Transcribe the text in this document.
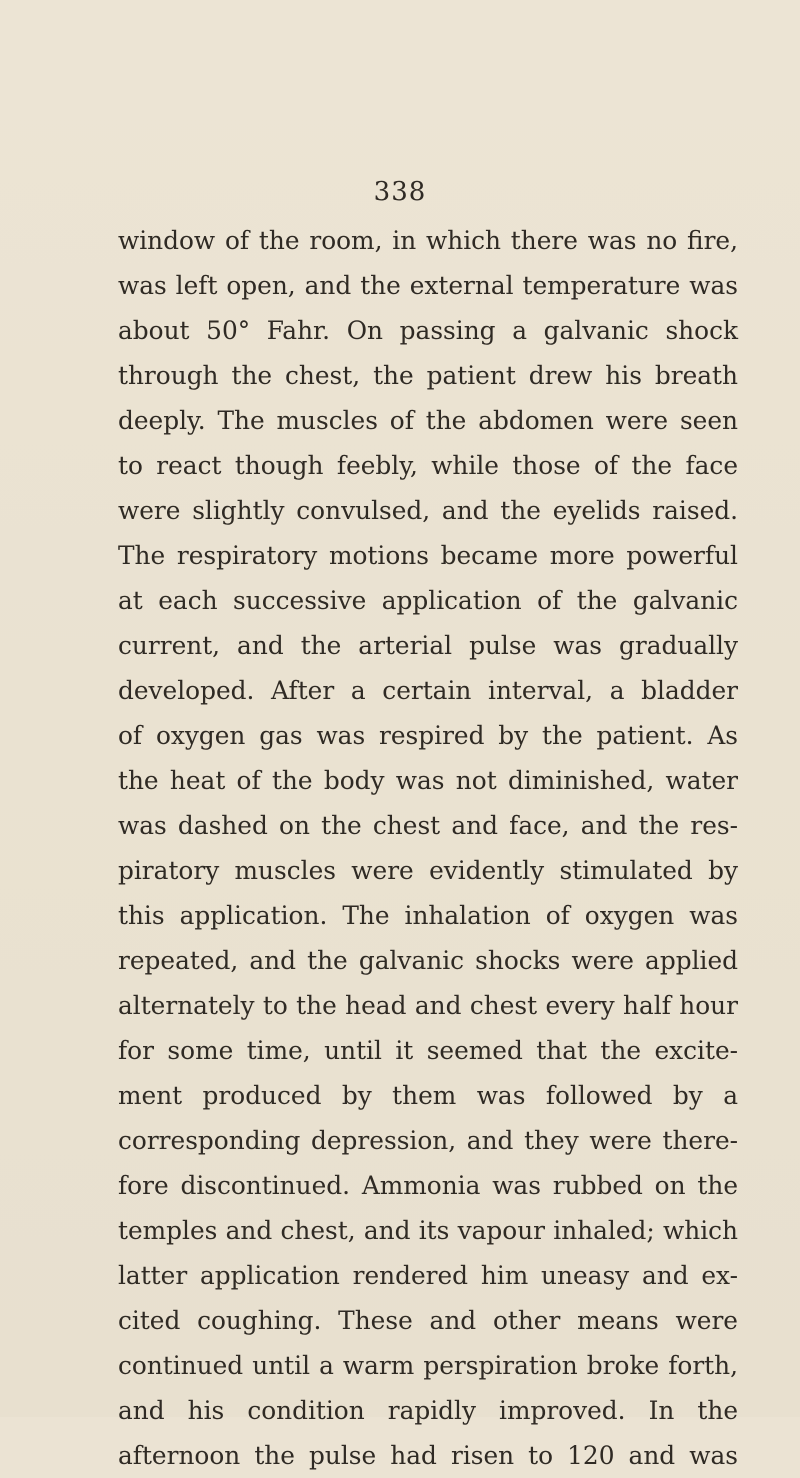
338
window of the room, in which there was no fire,
was left open, and the external temperature was
about 50° Fahr. On passing a galvanic shock
through the chest, the patient drew his breath
deeply. The muscles of the abdomen were seen
to react though feebly, while those of the face
were slightly convulsed, and the eyelids raised.
The respiratory motions became more powerful
at each successive application of the galvanic
current, and the arterial pulse was gradually
developed. After a certain interval, a bladder
of oxygen gas was respired by the patient. As
the heat of the body was not diminished, water
was dashed on the chest and face, and the res-
piratory muscles were evidently stimulated by
this application. The inhalation of oxygen was
repeated, and the galvanic shocks were applied
alternately to the head and chest every half hour
for some time, until it seemed that the excite-
ment produced by them was followed by a
corresponding depression, and they were there-
fore discontinued. Ammonia was rubbed on the
temples and chest, and its vapour inhaled; which
latter application rendered him uneasy and ex-
cited coughing. These and other means were
continued until a warm perspiration broke forth,
and his condition rapidly improved. In the
afternoon the pulse had risen to 120 and was
